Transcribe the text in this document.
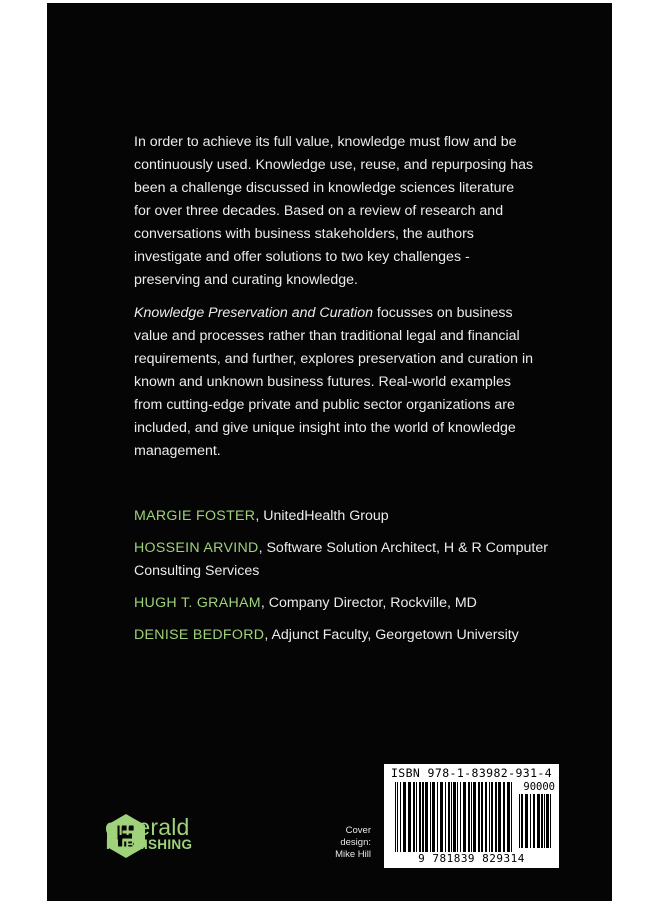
In order to achieve its full value, knowledge must flow and be continuously used. Knowledge use, reuse, and repurposing has been a challenge discussed in knowledge sciences literature for over three decades. Based on a review of research and conversations with business stakeholders, the authors investigate and offer solutions to two key challenges - preserving and curating knowledge.

Knowledge Preservation and Curation focusses on business value and processes rather than traditional legal and financial requirements, and further, explores preservation and curation in known and unknown business futures. Real-world examples from cutting-edge private and public sector organizations are included, and give unique insight into the world of knowledge management.

MARGIE FOSTER, UnitedHealth Group
HOSSEIN ARVIND, Software Solution Architect, H & R Computer Consulting Services
HUGH T. GRAHAM, Company Director, Rockville, MD
DENISE BEDFORD, Adjunct Faculty, Georgetown University
Cover
design:
Mike Hill
ISBN 978-1-83982-931-4
90000
9 781839 829314
emerald
PUBLISHING
